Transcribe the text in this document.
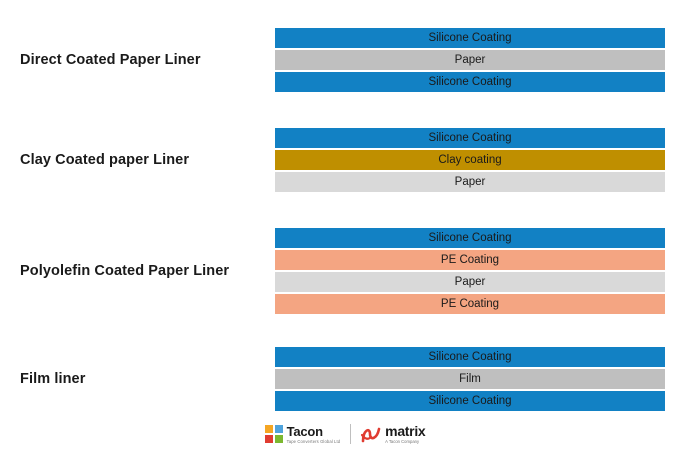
Direct Coated Paper Liner
Silicone Coating
Paper
Silicone Coating
Clay Coated paper Liner
Silicone Coating
Clay coating
Paper
Polyolefin Coated Paper Liner
Silicone Coating
PE Coating
Paper
PE Coating
Film liner
Silicone Coating
Film
Silicone Coating
Tacon
Tape Converters Global Ltd
matrix
A Tacon Company
